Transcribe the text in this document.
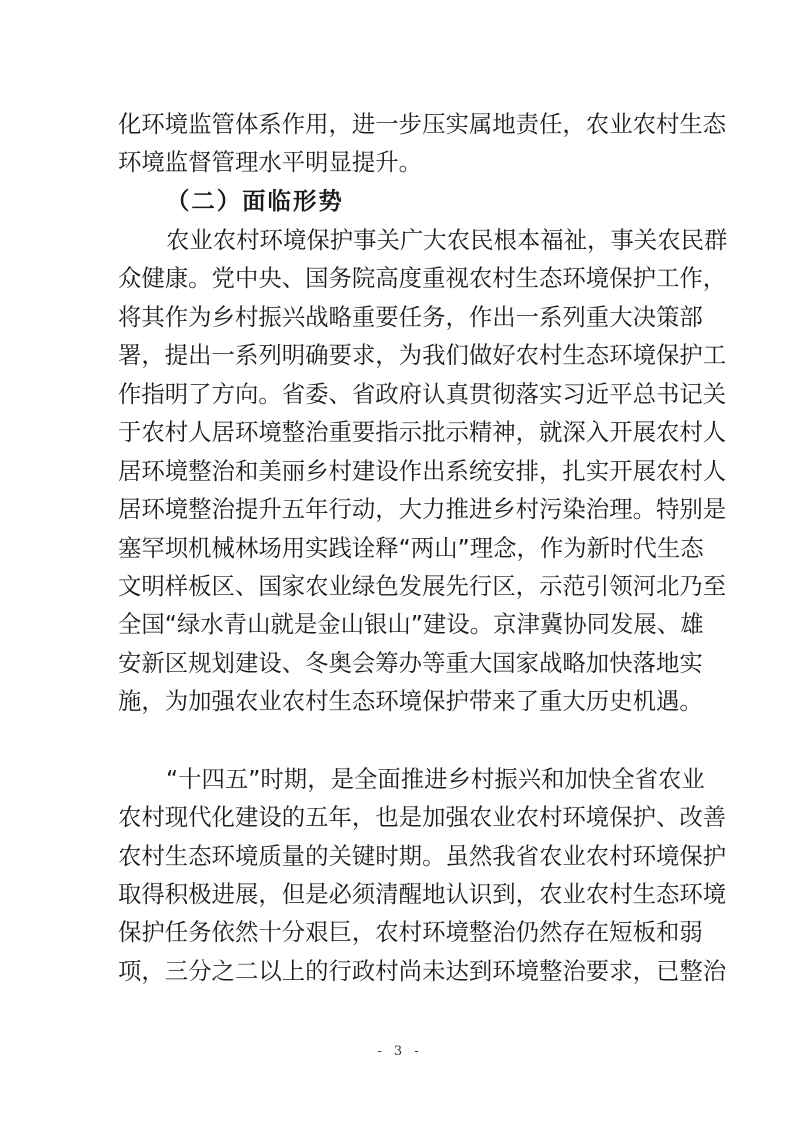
化环境监管体系作用，进一步压实属地责任，农业农村生态
环境监督管理水平明显提升。
（二）面临形势
农业农村环境保护事关广大农民根本福祉，事关农民群
众健康。党中央、国务院高度重视农村生态环境保护工作，
将其作为乡村振兴战略重要任务，作出一系列重大决策部
署，提出一系列明确要求，为我们做好农村生态环境保护工
作指明了方向。省委、省政府认真贯彻落实习近平总书记关
于农村人居环境整治重要指示批示精神，就深入开展农村人
居环境整治和美丽乡村建设作出系统安排，扎实开展农村人
居环境整治提升五年行动，大力推进乡村污染治理。特别是
塞罕坝机械林场用实践诠释“两山”理念，作为新时代生态
文明样板区、国家农业绿色发展先行区，示范引领河北乃至
全国“绿水青山就是金山银山”建设。京津冀协同发展、雄
安新区规划建设、冬奥会筹办等重大国家战略加快落地实
施，为加强农业农村生态环境保护带来了重大历史机遇。
“十四五”时期，是全面推进乡村振兴和加快全省农业
农村现代化建设的五年，也是加强农业农村环境保护、改善
农村生态环境质量的关键时期。虽然我省农业农村环境保护
取得积极进展，但是必须清醒地认识到，农业农村生态环境
保护任务依然十分艰巨，农村环境整治仍然存在短板和弱
项，三分之二以上的行政村尚未达到环境整治要求，已整治
- 3 -
